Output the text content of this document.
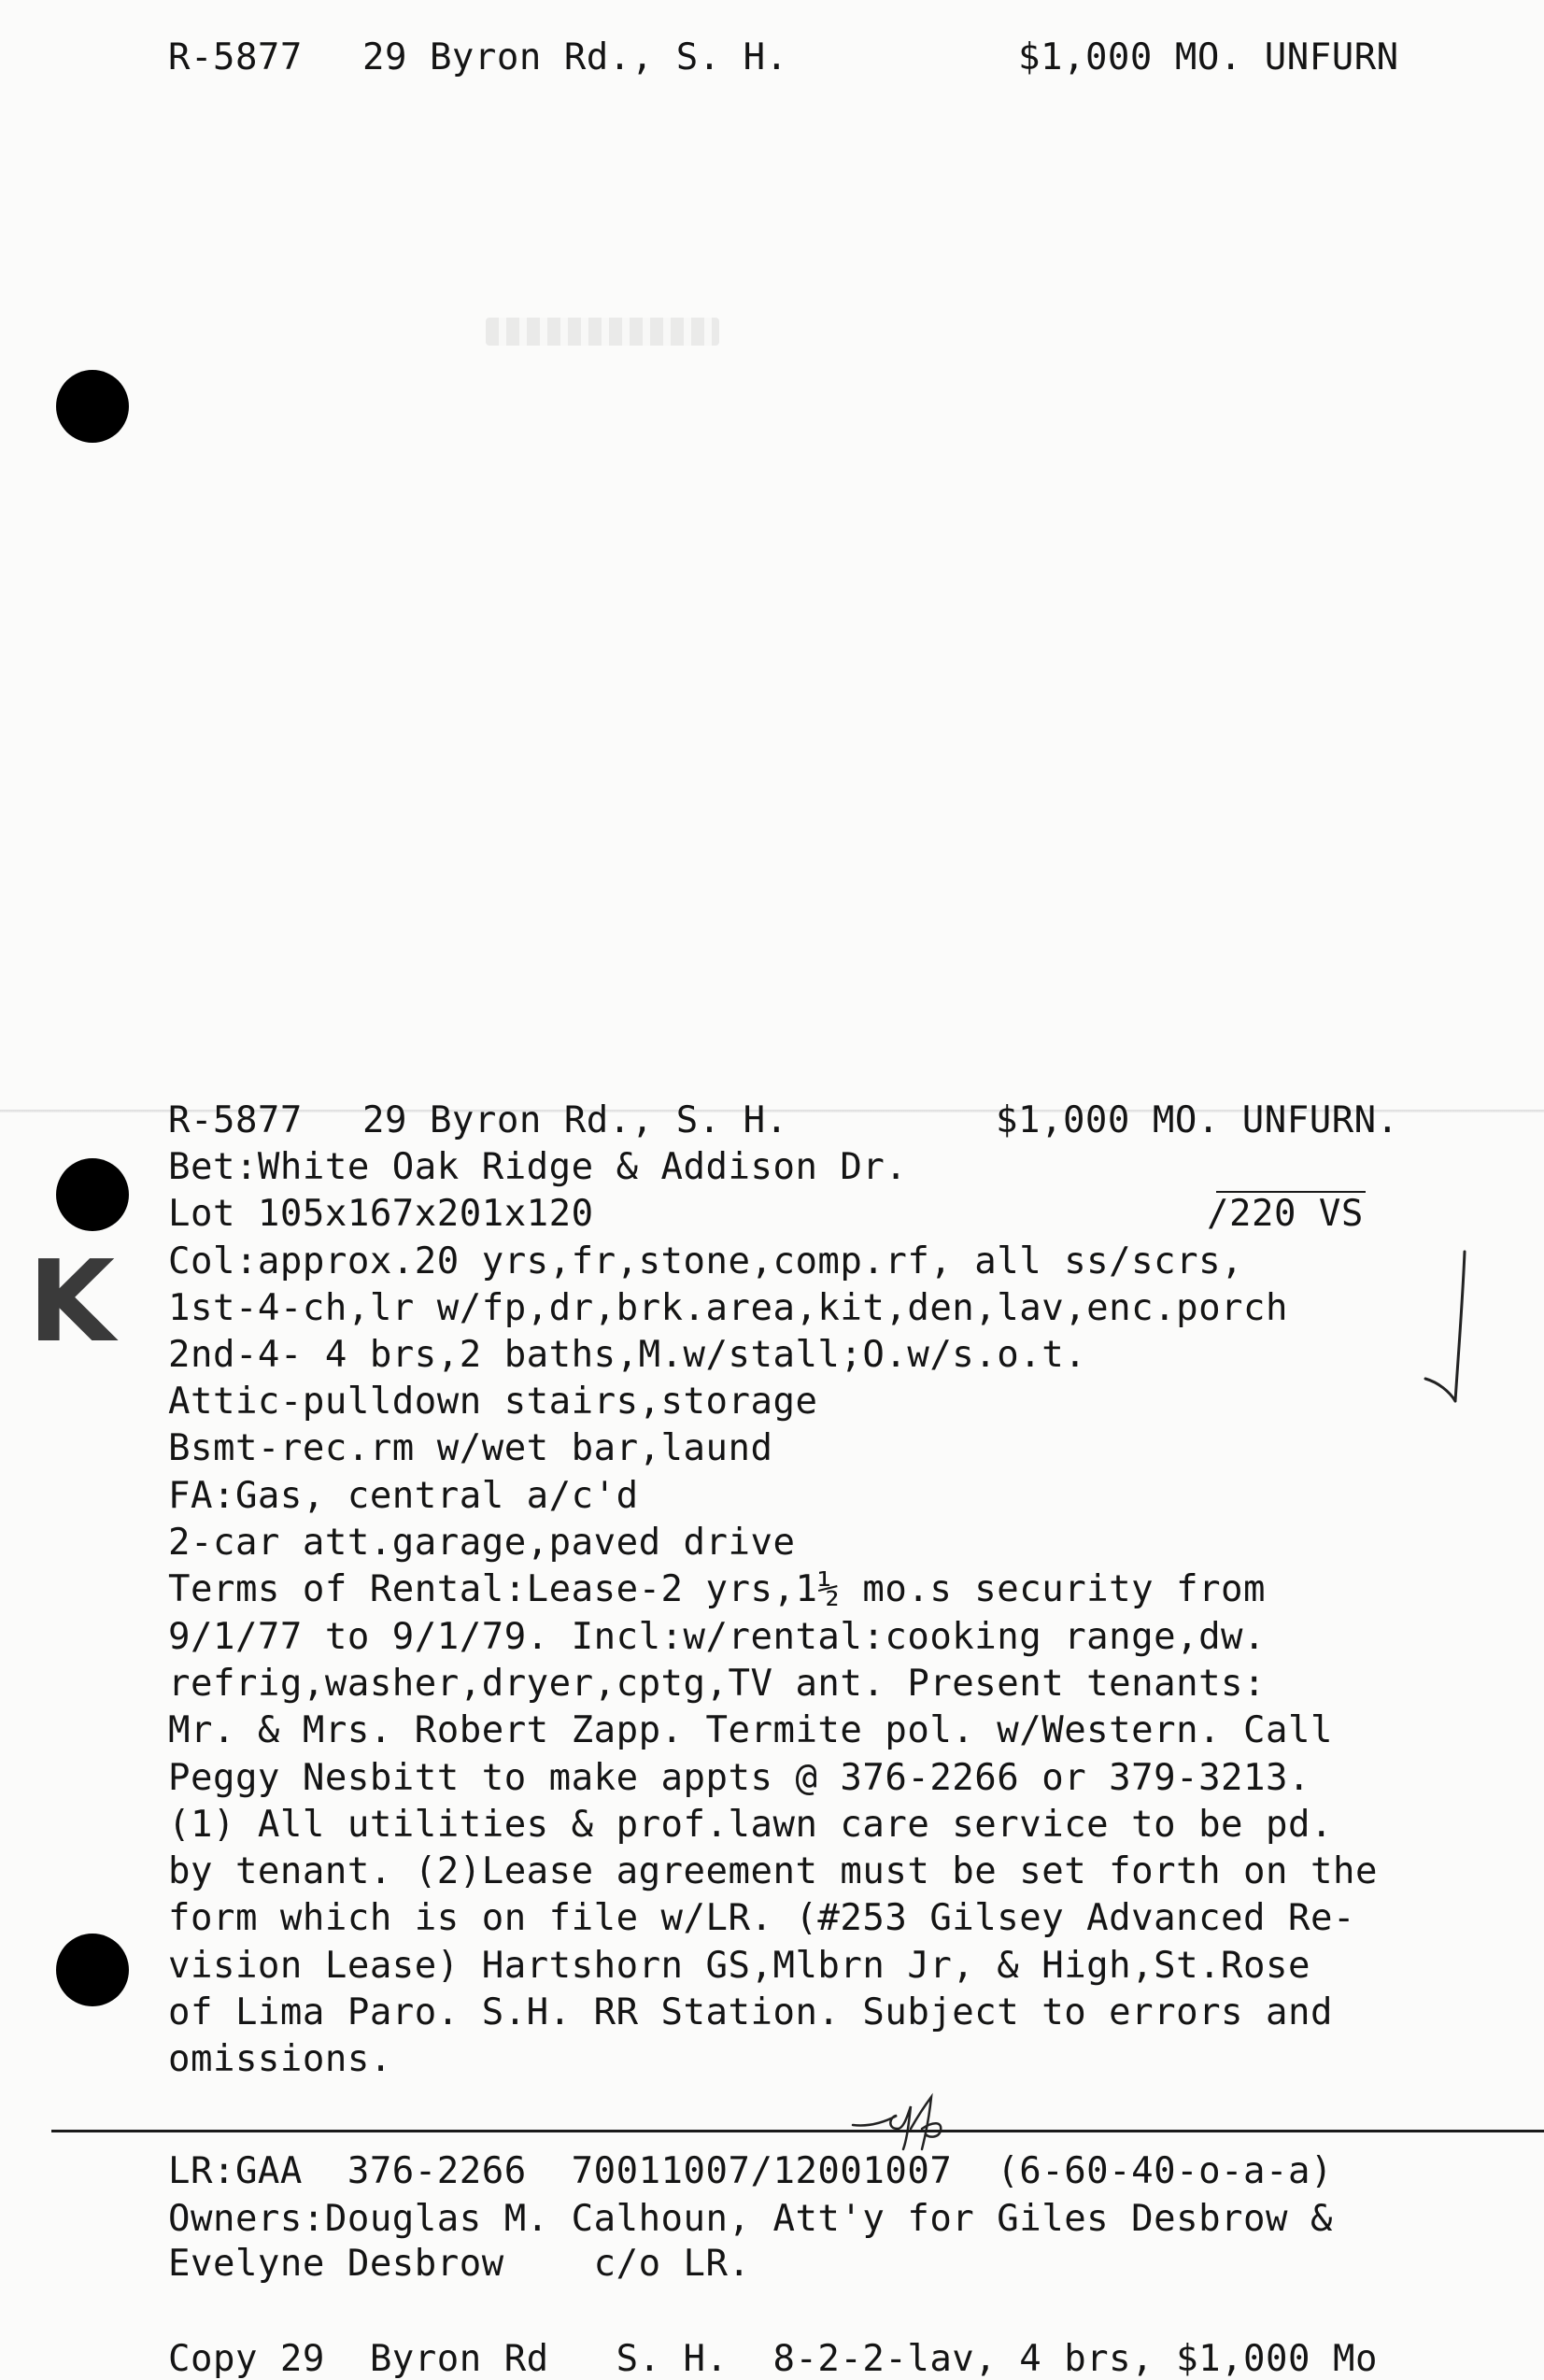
R-5877 29 Byron Rd., S. H.	$1,000 MO. UNFURN
R-5877 29 Byron Rd., S. H.	$1,000 MO. UNFURN.
K
Bet:White Oak Ridge & Addison Dr.
Lot 105x167x201x120	/220 VS
Col:approx.20 yrs,fr,stone,comp.rf, all ss/scrs,
1st-4-ch,lr w/fp,dr,brk.area,kit,den,lav,enc.porch
2nd-4- 4 brs,2 baths,M.w/stall;O.w/s.o.t.
Attic-pulldown stairs,storage
Bsmt-rec.rm w/wet bar,laund
FA:Gas, central a/c'd
2-car att.garage,paved drive
Terms of Rental:Lease-2 yrs,1½ mo.s security from
9/1/77 to 9/1/79. Incl:w/rental:cooking range,dw.
refrig,washer,dryer,cptg,TV ant. Present tenants:
Mr. & Mrs. Robert Zapp. Termite pol. w/Western. Call
Peggy Nesbitt to make appts @ 376-2266 or 379-3213.
(1) All utilities & prof.lawn care service to be pd.
by tenant. (2)Lease agreement must be set forth on the
form which is on file w/LR. (#253 Gilsey Advanced Re-
vision Lease) Hartshorn GS,Mlbrn Jr, & High,St.Rose
of Lima Paro. S.H. RR Station. Subject to errors and
omissions.
LR:GAA  376-2266  70011007/12001007  (6-60-40-o-a-a)
Owners:Douglas M. Calhoun, Att'y for Giles Desbrow &
Evelyne Desbrow    c/o LR.
Copy 29  Byron Rd   S. H.  8-2-2-lav, 4 brs, $1,000 Mo
